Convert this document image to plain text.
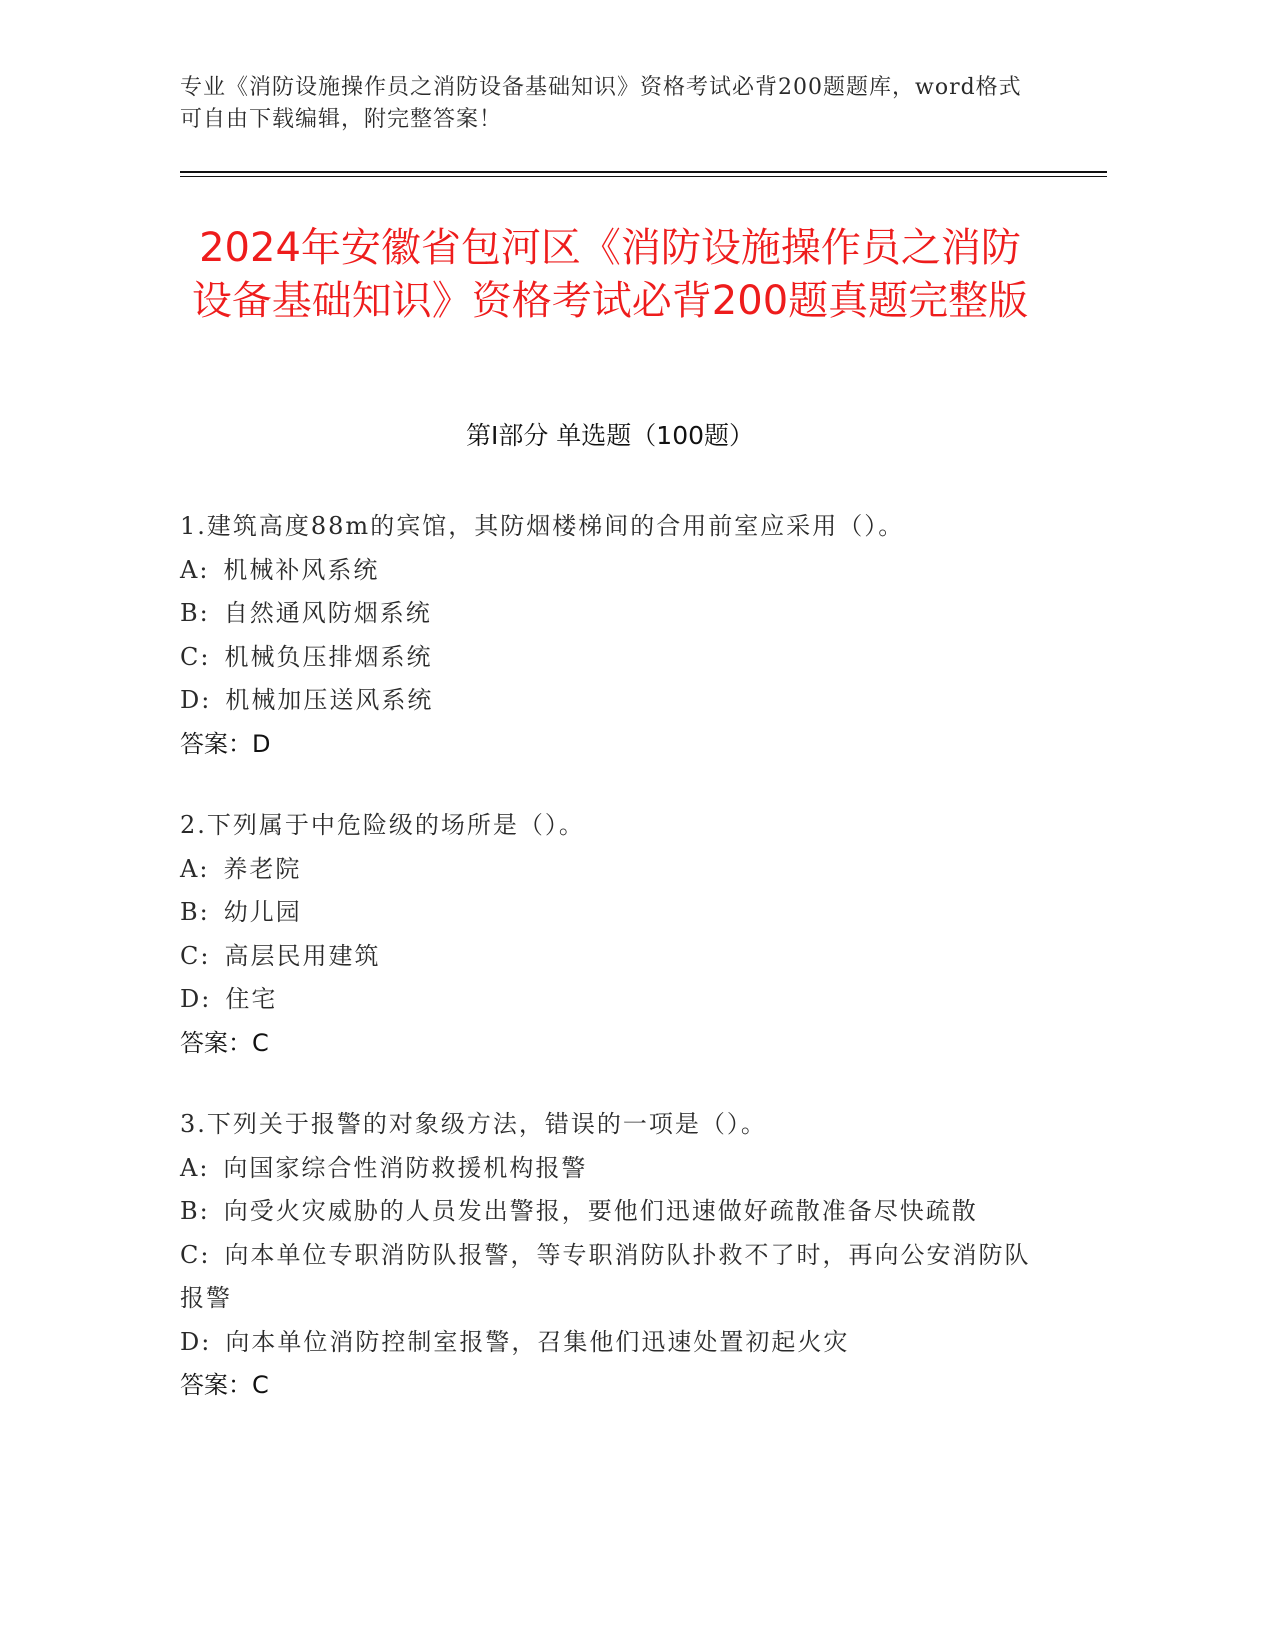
专业《消防设施操作员之消防设备基础知识》资格考试必背200题题库，word格式可自由下载编辑，附完整答案！
2024年安徽省包河区《消防设施操作员之消防设备基础知识》资格考试必背200题真题完整版
第Ⅰ部分 单选题（100题）
1.建筑高度88m的宾馆，其防烟楼梯间的合用前室应采用（）。
A: 机械补风系统
B: 自然通风防烟系统
C: 机械负压排烟系统
D: 机械加压送风系统
答案：D
2.下列属于中危险级的场所是（）。
A: 养老院
B: 幼儿园
C: 高层民用建筑
D: 住宅
答案：C
3.下列关于报警的对象级方法，错误的一项是（）。
A: 向国家综合性消防救援机构报警
B: 向受火灾威胁的人员发出警报，要他们迅速做好疏散准备尽快疏散
C: 向本单位专职消防队报警，等专职消防队扑救不了时，再向公安消防队报警
D: 向本单位消防控制室报警，召集他们迅速处置初起火灾
答案：C
